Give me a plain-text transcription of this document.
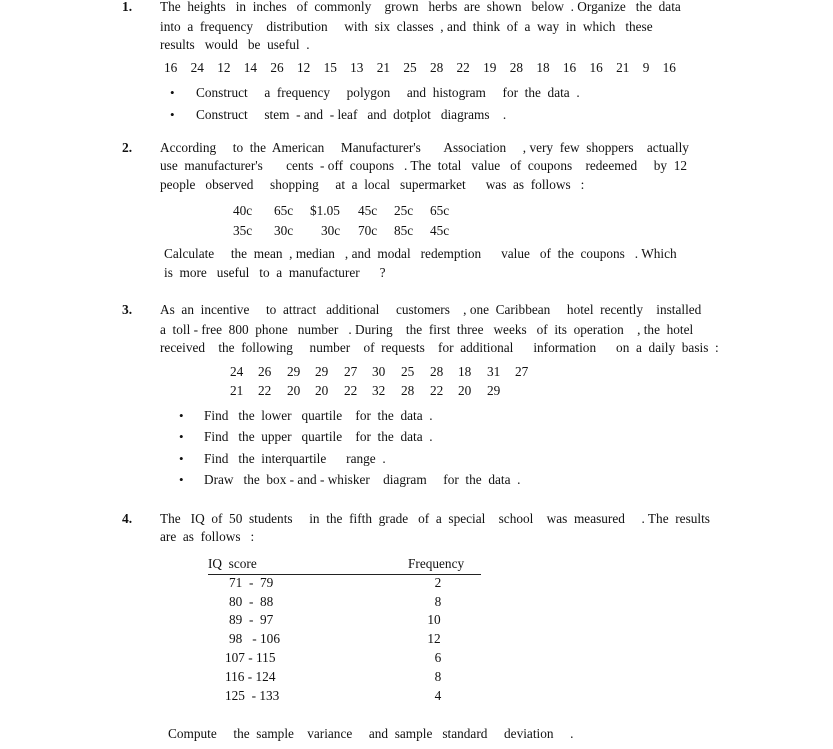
1. The  heights   in  inches   of  commonly    grown   herbs  are  shown   below  . Organize   the  data
into  a  frequency    distribution     with  six  classes  , and  think  of  a  way  in  which   these
results   would   be  useful  .
16    24    12    14    26    12    15    13    21    25    28    22    19    28    18    16    16    21    9    16
• Construct     a  frequency     polygon     and  histogram     for  the  data  .
• Construct     stem  - and  - leaf   and  dotplot   diagrams    .
2. According     to  the  American     Manufacturer's       Association     , very  few  shoppers    actually
use  manufacturer's       cents  - off  coupons   . The  total   value   of  coupons    redeemed     by  12
people   observed     shopping     at  a  local   supermarket      was  as  follows   :
40c 65c $1.05 45c 25c 65c
35c 30c 30c 70c 85c 45c
Calculate     the  mean  , median   , and  modal   redemption      value   of  the  coupons   . Which
is  more   useful   to  a  manufacturer      ?
3. As  an  incentive     to  attract   additional     customers    , one  Caribbean     hotel  recently    installed
a  toll - free  800  phone   number   . During    the  first  three   weeks   of  its  operation    , the  hotel
received    the  following     number    of  requests    for  additional      information      on  a  daily  basis  :
24 26 29 29 27 30 25 28 18 31 27
21 22 20 20 22 32 28 22 20 29
• Find   the  lower   quartile    for  the  data  .
• Find   the  upper   quartile    for  the  data  .
• Find   the  interquartile      range  .
• Draw   the  box - and - whisker    diagram     for  the  data  .
4. The   IQ  of  50  students     in  the  fifth  grade   of  a  special    school    was  measured     . The  results
are  as  follows   :
IQ  score	Frequency
71  -  79	2
80  -  88	8
89  -  97	10
98   - 106	12
107 - 115	6
116 - 124	8
125  - 133	4
Compute     the  sample    variance     and  sample   standard     deviation     .
